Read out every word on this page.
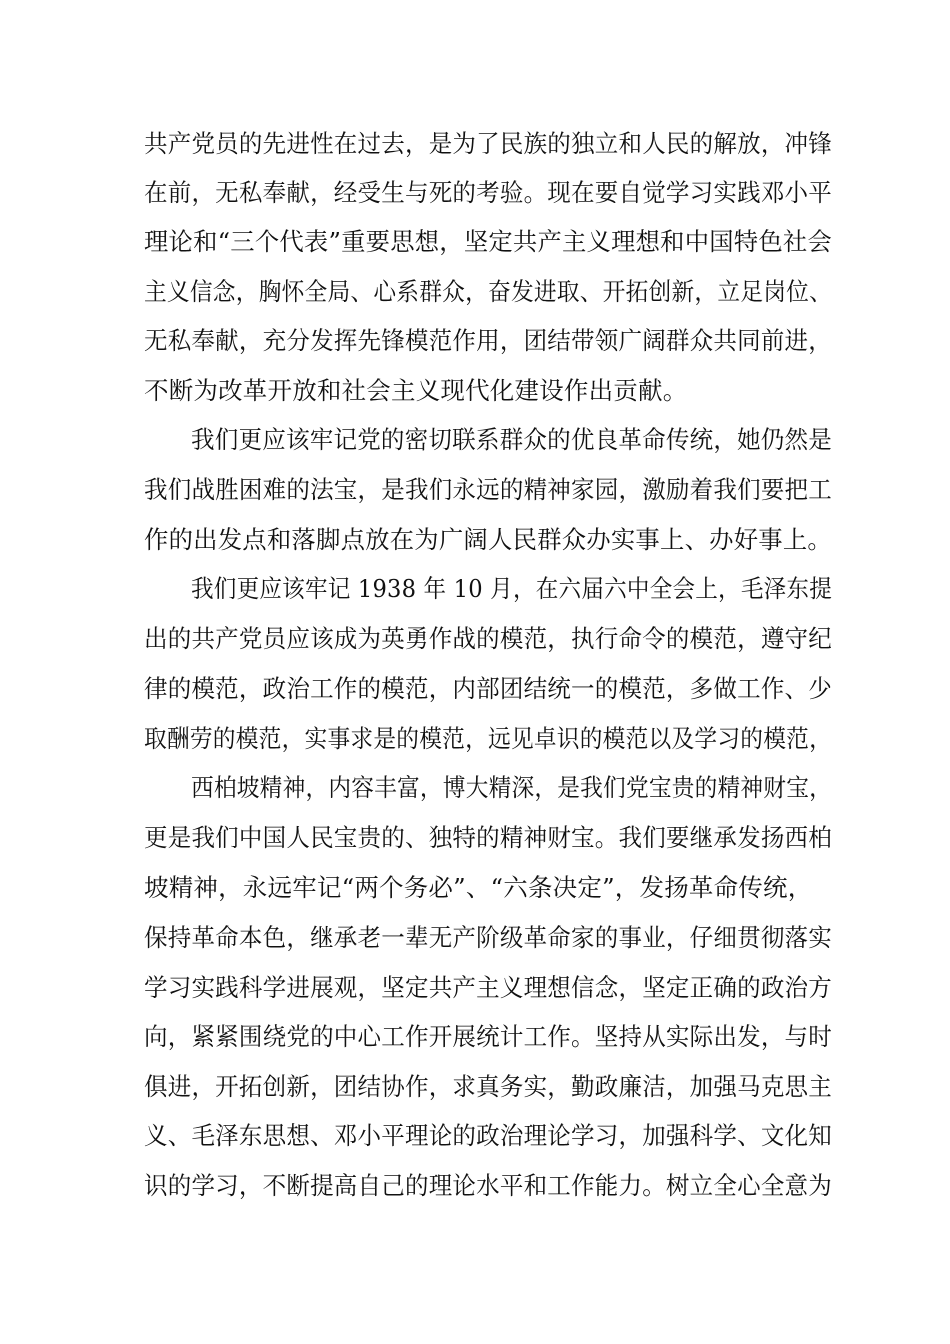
共产党员的先进性在过去，是为了民族的独立和人民的解放，冲锋
在前，无私奉献，经受生与死的考验。现在要自觉学习实践邓小平
理论和“三个代表”重要思想，坚定共产主义理想和中国特色社会
主义信念，胸怀全局、心系群众，奋发进取、开拓创新，立足岗位、
无私奉献，充分发挥先锋模范作用，团结带领广阔群众共同前进，
不断为改革开放和社会主义现代化建设作出贡献。
我们更应该牢记党的密切联系群众的优良革命传统，她仍然是
我们战胜困难的法宝，是我们永远的精神家园，激励着我们要把工
作的出发点和落脚点放在为广阔人民群众办实事上、办好事上。
我们更应该牢记 1938 年 10 月，在六届六中全会上，毛泽东提
出的共产党员应该成为英勇作战的模范，执行命令的模范，遵守纪
律的模范，政治工作的模范，内部团结统一的模范，多做工作、少
取酬劳的模范，实事求是的模范，远见卓识的模范以及学习的模范，
西柏坡精神，内容丰富，博大精深，是我们党宝贵的精神财宝，
更是我们中国人民宝贵的、独特的精神财宝。我们要继承发扬西柏
坡精神，永远牢记“两个务必”、“六条决定”，发扬革命传统，
保持革命本色，继承老一辈无产阶级革命家的事业，仔细贯彻落实
学习实践科学进展观，坚定共产主义理想信念，坚定正确的政治方
向，紧紧围绕党的中心工作开展统计工作。坚持从实际出发，与时
俱进，开拓创新，团结协作，求真务实，勤政廉洁，加强马克思主
义、毛泽东思想、邓小平理论的政治理论学习，加强科学、文化知
识的学习，不断提高自己的理论水平和工作能力。树立全心全意为
